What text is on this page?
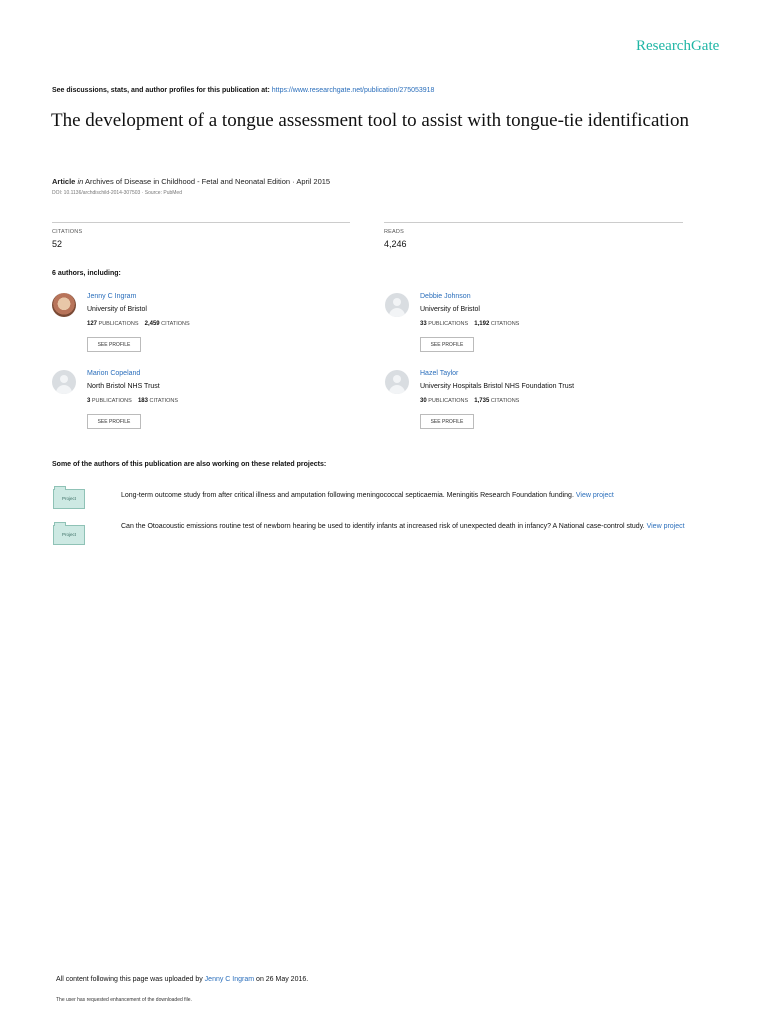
ResearchGate
See discussions, stats, and author profiles for this publication at: https://www.researchgate.net/publication/275053918
The development of a tongue assessment tool to assist with tongue-tie identification
Article in Archives of Disease in Childhood - Fetal and Neonatal Edition · April 2015
DOI: 10.1136/archdischild-2014-307503 · Source: PubMed
CITATIONS
52
READS
4,246
6 authors, including:
Jenny C Ingram
University of Bristol
127 PUBLICATIONS 2,459 CITATIONS
SEE PROFILE
Debbie Johnson
University of Bristol
33 PUBLICATIONS 1,192 CITATIONS
SEE PROFILE
Marion Copeland
North Bristol NHS Trust
3 PUBLICATIONS 183 CITATIONS
SEE PROFILE
Hazel Taylor
University Hospitals Bristol NHS Foundation Trust
30 PUBLICATIONS 1,735 CITATIONS
SEE PROFILE
Some of the authors of this publication are also working on these related projects:
Project	Long-term outcome study from after critical illness and amputation following meningococcal septicaemia. Meningitis Research Foundation funding. View project
Project
Can the Otoacoustic emissions routine test of newborn hearing be used to identify infants at increased risk of unexpected death in infancy? A National case-control study. View project
All content following this page was uploaded by Jenny C Ingram on 26 May 2016.
The user has requested enhancement of the downloaded file.
